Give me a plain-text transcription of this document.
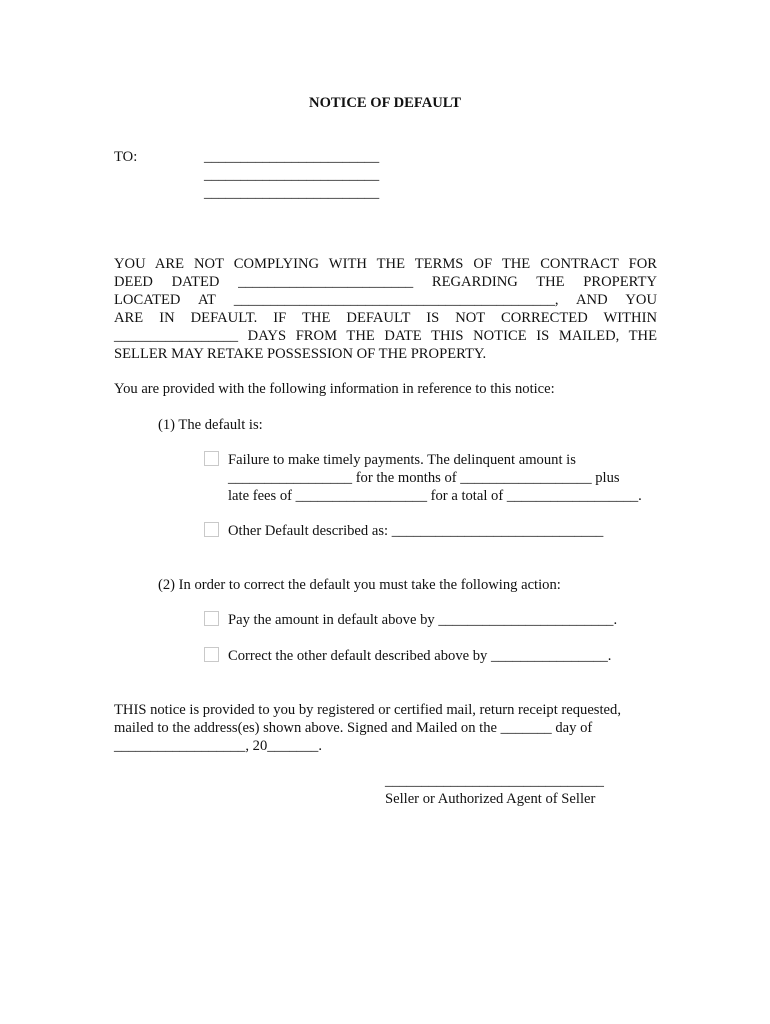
NOTICE OF DEFAULT
TO:	________________________
________________________
________________________
YOU ARE NOT COMPLYING WITH THE TERMS OF THE CONTRACT FOR
DEED DATED ________________________ REGARDING THE PROPERTY
LOCATED AT ____________________________________________, AND YOU
ARE IN DEFAULT. IF THE DEFAULT IS NOT CORRECTED WITHIN
_________________ DAYS FROM THE DATE THIS NOTICE IS MAILED, THE
SELLER MAY RETAKE POSSESSION OF THE PROPERTY.
You are provided with the following information in reference to this notice:
(1) The default is:
Failure to make timely payments. The delinquent amount is
_________________ for the months of __________________ plus
late fees of __________________ for a total of __________________.
Other Default described as: _____________________________
(2) In order to correct the default you must take the following action:
Pay the amount in default above by ________________________.
Correct the other default described above by ________________.
THIS notice is provided to you by registered or certified mail, return receipt requested,
mailed to the address(es) shown above. Signed and Mailed on the _______ day of
__________________, 20_______.
______________________________
Seller or Authorized Agent of Seller
